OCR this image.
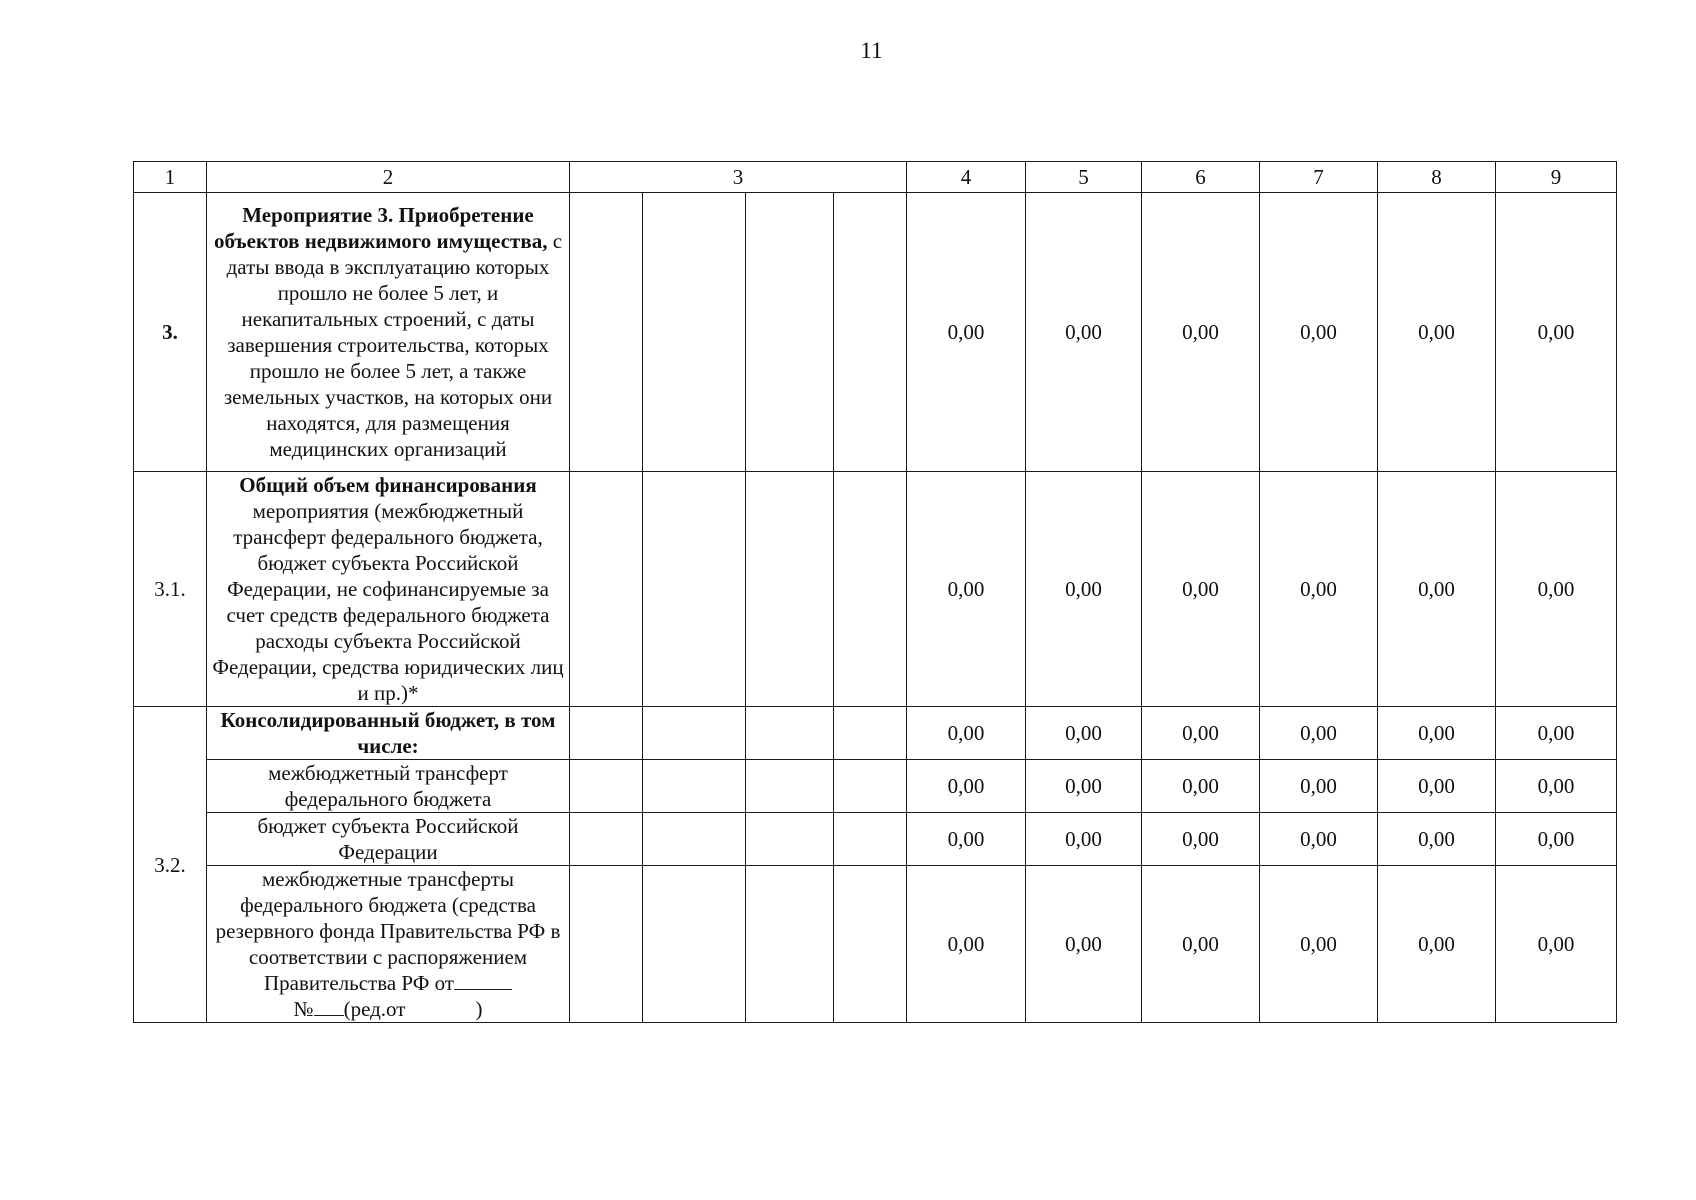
11
1	2	3				4	5	6	7	8	9
3.	Мероприятие 3. Приобретение объектов недвижимого имущества, с даты ввода в эксплуатацию которых прошло не более 5 лет, и некапитальных строений, с даты завершения строительства, которых прошло не более 5 лет, а также земельных участков, на которых они находятся, для размещения медицинских организаций					0,00	0,00	0,00	0,00	0,00	0,00
3.1.	Общий объем финансирования мероприятия (межбюджетный трансферт федерального бюджета, бюджет субъекта Российской Федерации, не софинансируемые за счет средств федерального бюджета расходы субъекта Российской Федерации, средства юридических лиц и пр.)*					0,00	0,00	0,00	0,00	0,00	0,00
3.2.	Консолидированный бюджет, в том числе:					0,00	0,00	0,00	0,00	0,00	0,00
	межбюджетный трансферт федерального бюджета					0,00	0,00	0,00	0,00	0,00	0,00
	бюджет субъекта Российской Федерации					0,00	0,00	0,00	0,00	0,00	0,00
	межбюджетные трансферты федерального бюджета (средства резервного фонда Правительства РФ в соответствии с распоряжением Правительства РФ от
№ (ред.от )					0,00	0,00	0,00	0,00	0,00	0,00
